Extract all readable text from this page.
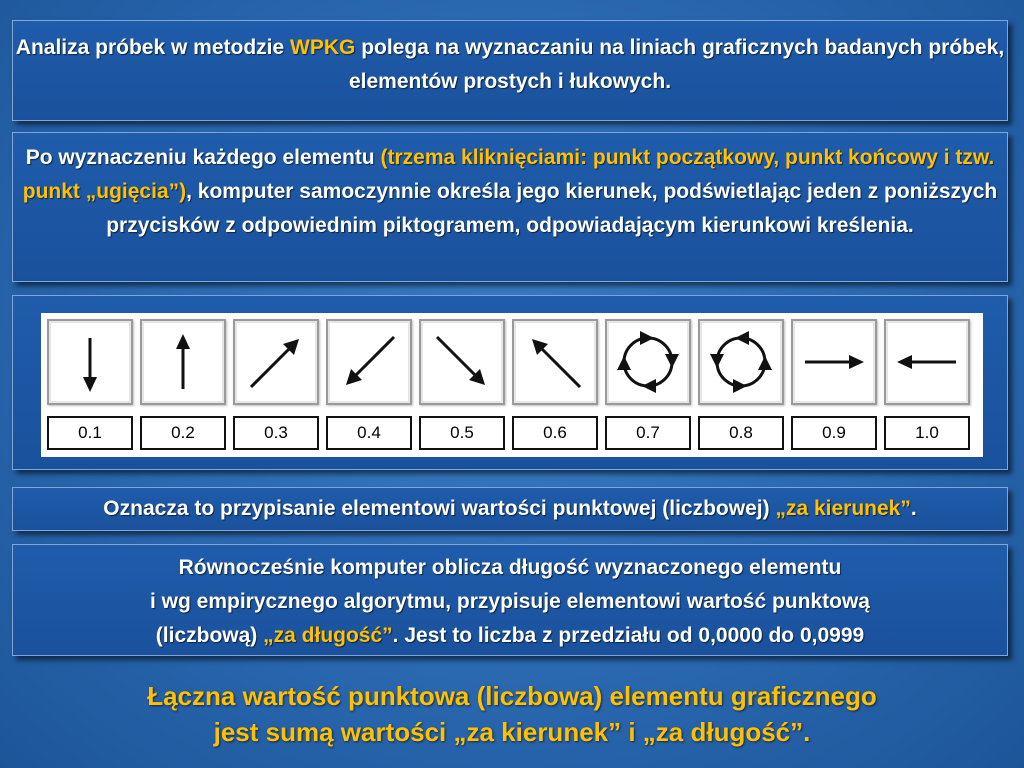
Analiza próbek w metodzie WPKG polega na wyznaczaniu na liniach graficznych badanych próbek, elementów prostych i łukowych.
Po wyznaczeniu każdego elementu (trzema kliknięciami: punkt początkowy, punkt końcowy i tzw. punkt „ugięcia”), komputer samoczynnie określa jego kierunek, podświetlając jeden z poniższych przycisków z odpowiednim piktogramem, odpowiadającym kierunkowi kreślenia.
0.1	0.2	0.3	0.4	0.5	0.6	0.7	0.8	0.9	1.0
Oznacza to przypisanie elementowi wartości punktowej (liczbowej) „za kierunek”.
Równocześnie komputer oblicza długość wyznaczonego elementu
i wg empirycznego algorytmu, przypisuje elementowi wartość punktową
(liczbową) „za długość”. Jest to liczba z przedziału od 0,0000 do 0,0999
Łączna wartość punktowa (liczbowa) elementu graficznego
jest sumą wartości „za kierunek” i „za długość”.
